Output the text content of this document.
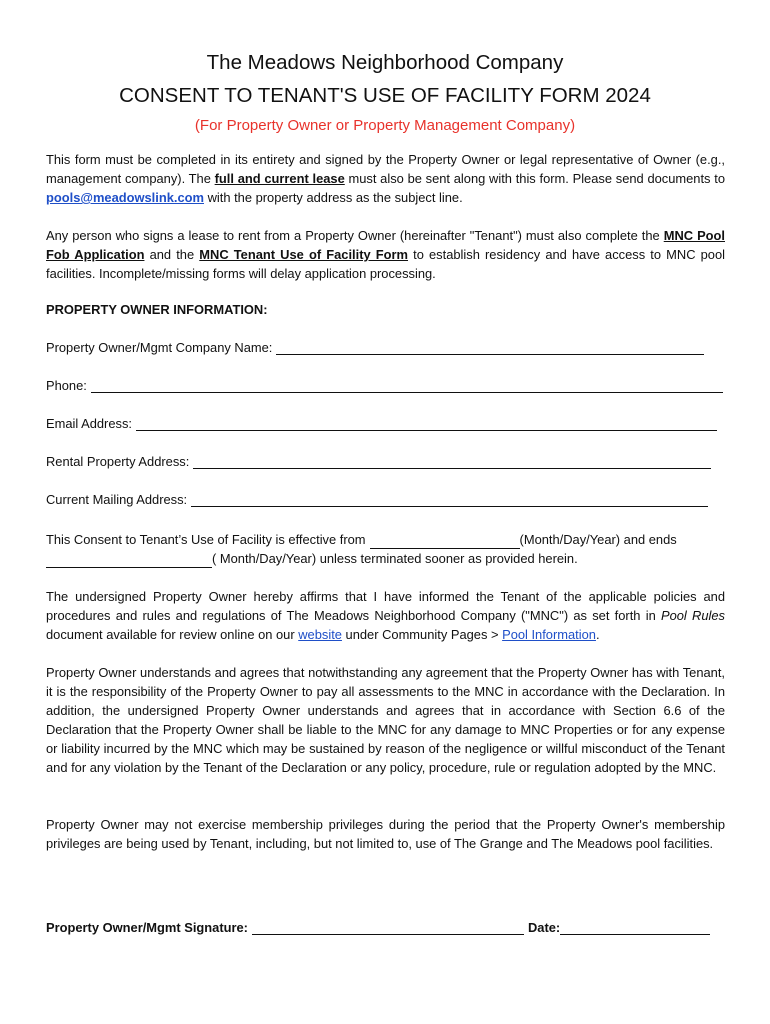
The Meadows Neighborhood Company
CONSENT TO TENANT'S USE OF FACILITY FORM 2024
(For Property Owner or Property Management Company)

This form must be completed in its entirety and signed by the Property Owner or legal representative of Owner (e.g., management company). The full and current lease must also be sent along with this form. Please send documents to pools@meadowslink.com with the property address as the subject line.

Any person who signs a lease to rent from a Property Owner (hereinafter "Tenant") must also complete the MNC Pool Fob Application and the MNC Tenant Use of Facility Form to establish residency and have access to MNC pool facilities. Incomplete/missing forms will delay application processing.

PROPERTY OWNER INFORMATION:
Property Owner/Mgmt Company Name:
Phone:
Email Address:
Rental Property Address:
Current Mailing Address:
This Consent to Tenant’s Use of Facility is effective from	(Month/Day/Year) and ends
( Month/Day/Year) unless terminated sooner as provided herein.

The undersigned Property Owner hereby affirms that I have informed the Tenant of the applicable policies and procedures and rules and regulations of The Meadows Neighborhood Company ("MNC") as set forth in Pool Rules document available for review online on our website under Community Pages > Pool Information.

Property Owner understands and agrees that notwithstanding any agreement that the Property Owner has with Tenant, it is the responsibility of the Property Owner to pay all assessments to the MNC in accordance with the Declaration. In addition, the undersigned Property Owner understands and agrees that in accordance with Section 6.6 of the Declaration that the Property Owner shall be liable to the MNC for any damage to MNC Properties or for any expense or liability incurred by the MNC which may be sustained by reason of the negligence or willful misconduct of the Tenant and for any violation by the Tenant of the Declaration or any policy, procedure, rule or regulation adopted by the MNC.

Property Owner may not exercise membership privileges during the period that the Property Owner's membership privileges are being used by Tenant, including, but not limited to, use of The Grange and The Meadows pool facilities.

Property Owner/Mgmt Signature:	Date:
